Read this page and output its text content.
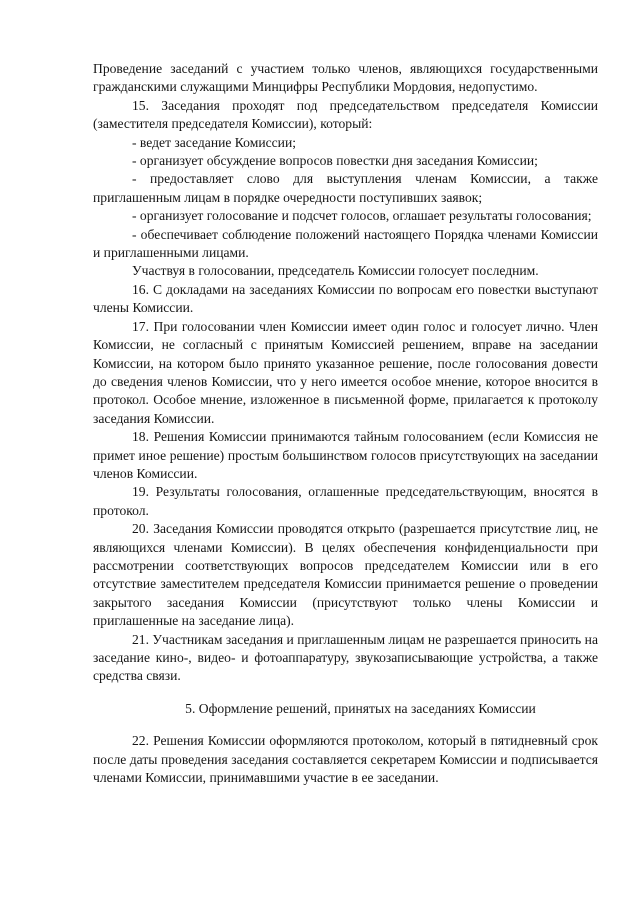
Проведение заседаний с участием только членов, являющихся государственными гражданскими служащими Минцифры Республики Мордовия, недопустимо.

15. Заседания проходят под председательством председателя Комиссии (заместителя председателя Комиссии), который:

- ведет заседание Комиссии;

- организует обсуждение вопросов повестки дня заседания Комиссии;

- предоставляет слово для выступления членам Комиссии, а также приглашенным лицам в порядке очередности поступивших заявок;

- организует голосование и подсчет голосов, оглашает результаты голосования;

- обеспечивает соблюдение положений настоящего Порядка членами Комиссии и приглашенными лицами.

Участвуя в голосовании, председатель Комиссии голосует последним.

16. С докладами на заседаниях Комиссии по вопросам его повестки выступают члены Комиссии.

17. При голосовании член Комиссии имеет один голос и голосует лично. Член Комиссии, не согласный с принятым Комиссией решением, вправе на заседании Комиссии, на котором было принято указанное решение, после голосования довести до сведения членов Комиссии, что у него имеется особое мнение, которое вносится в протокол. Особое мнение, изложенное в письменной форме, прилагается к протоколу заседания Комиссии.

18. Решения Комиссии принимаются тайным голосованием (если Комиссия не примет иное решение) простым большинством голосов присутствующих на заседании членов Комиссии.

19. Результаты голосования, оглашенные председательствующим, вносятся в протокол.

20. Заседания Комиссии проводятся открыто (разрешается присутствие лиц, не являющихся членами Комиссии). В целях обеспечения конфиденциальности при рассмотрении соответствующих вопросов председателем Комиссии или в его отсутствие заместителем председателя Комиссии принимается решение о проведении закрытого заседания Комиссии (присутствуют только члены Комиссии и приглашенные на заседание лица).

21. Участникам заседания и приглашенным лицам не разрешается приносить на заседание кино-, видео- и фотоаппаратуру, звукозаписывающие устройства, а также средства связи.

5. Оформление решений, принятых на заседаниях Комиссии

22. Решения Комиссии оформляются протоколом, который в пятидневный срок после даты проведения заседания составляется секретарем Комиссии и подписывается членами Комиссии, принимавшими участие в ее заседании.
